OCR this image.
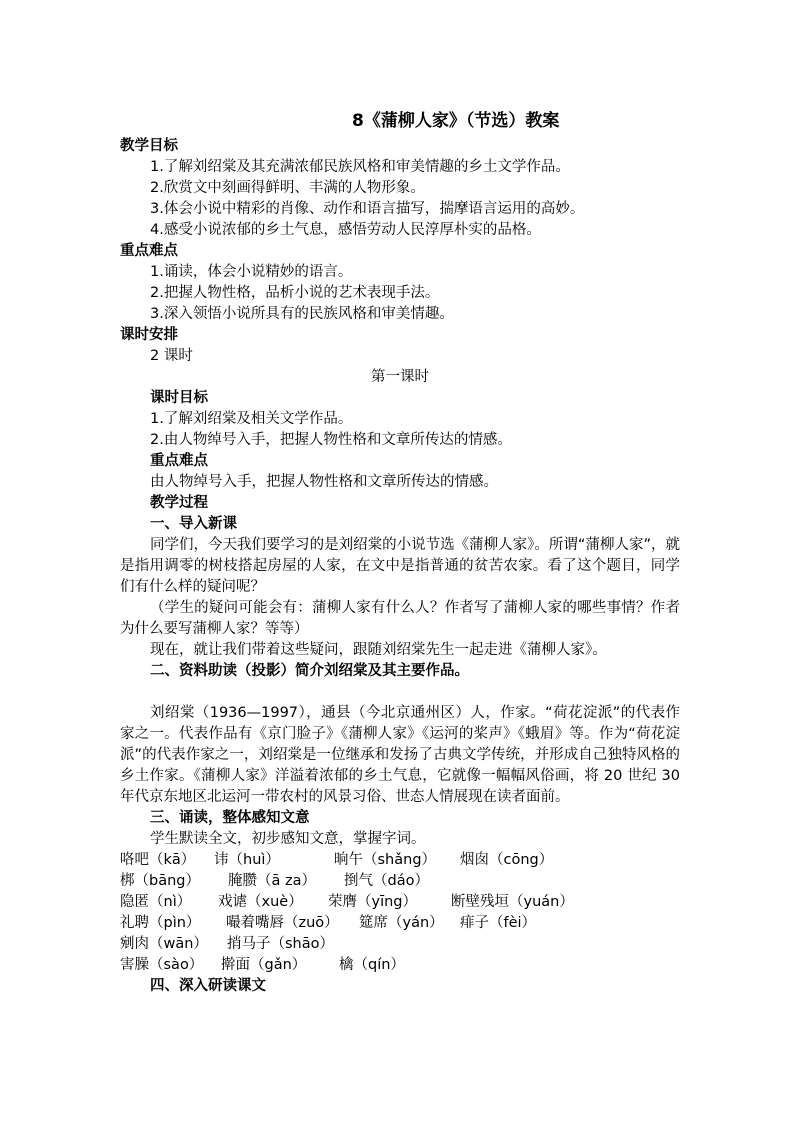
8《蒲柳人家》（节选）教案
教学目标
1.了解刘绍棠及其充满浓郁民族风格和审美情趣的乡土文学作品。
2.欣赏文中刻画得鲜明、丰满的人物形象。
3.体会小说中精彩的肖像、动作和语言描写，揣摩语言运用的高妙。
4.感受小说浓郁的乡土气息，感悟劳动人民淳厚朴实的品格。
重点难点
1.诵读，体会小说精妙的语言。
2.把握人物性格，品析小说的艺术表现手法。
3.深入领悟小说所具有的民族风格和审美情趣。
课时安排
2 课时
第一课时
课时目标
1.了解刘绍棠及相关文学作品。
2.由人物绰号入手，把握人物性格和文章所传达的情感。
重点难点
由人物绰号入手，把握人物性格和文章所传达的情感。
教学过程
一、导入新课
同学们，今天我们要学习的是刘绍棠的小说节选《蒲柳人家》。所谓“蒲柳人家”，就是指用调零的树枝搭起房屋的人家，在文中是指普通的贫苦农家。看了这个题目，同学们有什么样的疑问呢？
（学生的疑问可能会有：蒲柳人家有什么人？作者写了蒲柳人家的哪些事情？作者为什么要写蒲柳人家？等等）
现在，就让我们带着这些疑问，跟随刘绍棠先生一起走进《蒲柳人家》。
二、资料助读（投影）简介刘绍棠及其主要作品。
刘绍棠（1936—1997），通县（今北京通州区）人，作家。“荷花淀派”的代表作家之一。代表作品有《京门脸子》《蒲柳人家》《运河的桨声》《蛾眉》等。作为“荷花淀派”的代表作家之一，刘绍棠是一位继承和发扬了古典文学传统，并形成自己独特风格的乡土作家。《蒲柳人家》洋溢着浓郁的乡土气息，它就像一幅幅风俗画，将 20 世纪 30 年代京东地区北运河一带农村的风景习俗、世态人情展现在读者面前。
三、诵读，整体感知文意
学生默读全文，初步感知文意，掌握字词。
咯吧（kā） 讳（huì）	晌午（shǎng） 烟囱（cōng）
梆（bāng） 腌臜（ā za） 捯气（dáo）
隐匿（nì） 戏谑（xuè） 荣膺（yīng） 断壁残垣（yuán）
礼聘（pìn） 嘬着嘴唇（zuō） 筵席（yán） 痱子（fèi）
剜肉（wān） 捎马子（shāo）
害臊（sào） 擀面（gǎn） 檎（qín）
四、深入研读课文
